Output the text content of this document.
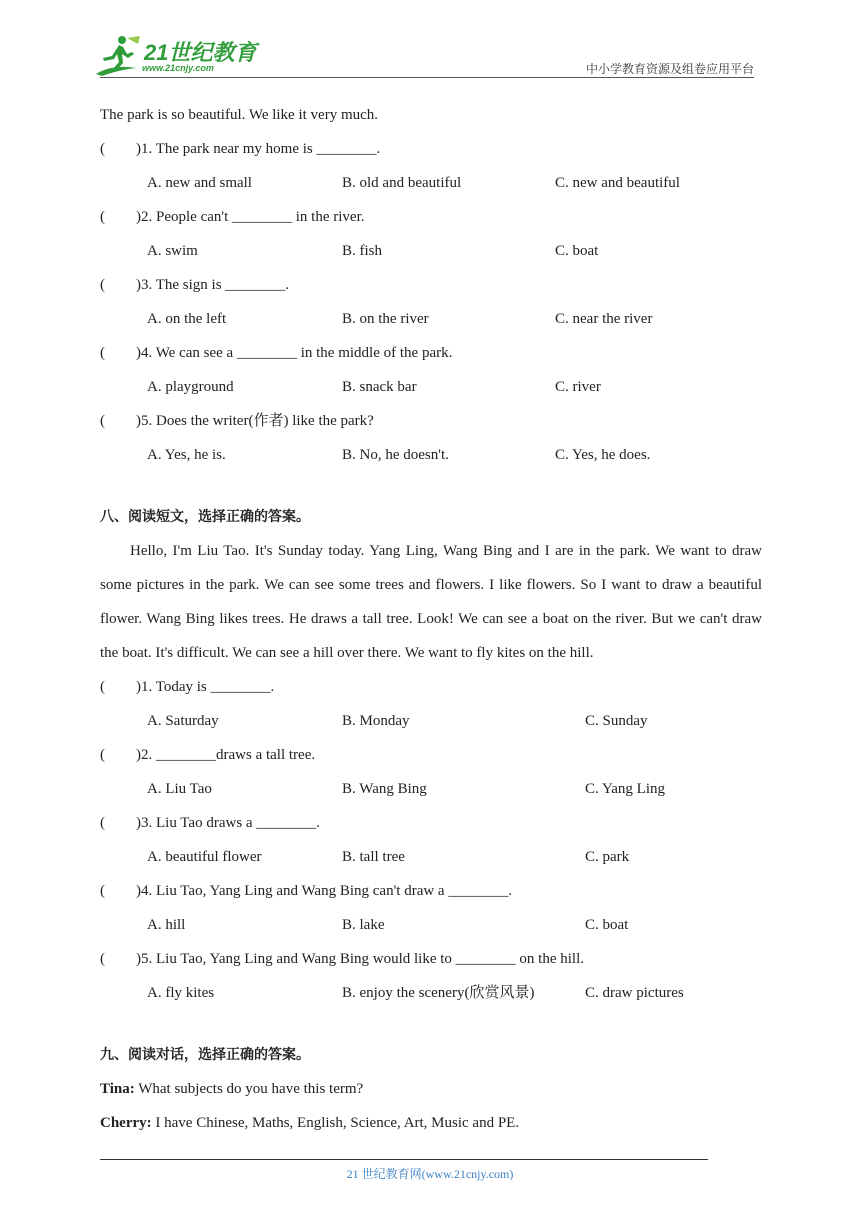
21世纪教育
www.21cnjy.com	中小学教育资源及组卷应用平台
The park is so beautiful. We like it very much.
( )1. The park near my home is ________.
A. new and small	B. old and beautiful	C. new and beautiful
( )2. People can't ________ in the river.
A. swim	B. fish	C. boat
( )3. The sign is ________.
A. on the left	B. on the river	C. near the river
( )4. We can see a ________ in the middle of the park.
A. playground	B. snack bar	C. river
( )5. Does the writer(作者) like the park?
A. Yes, he is.	B. No, he doesn't.	C. Yes, he does.
八、阅读短文，选择正确的答案。
Hello, I'm Liu Tao. It's Sunday today. Yang Ling, Wang Bing and I are in the park. We want to draw some pictures in the park. We can see some trees and flowers. I like flowers. So I want to draw a beautiful flower. Wang Bing likes trees. He draws a tall tree. Look! We can see a boat on the river. But we can't draw the boat. It's difficult. We can see a hill over there. We want to fly kites on the hill.
( )1. Today is ________.
A. Saturday	B. Monday	C. Sunday
( )2. ________draws a tall tree.
A. Liu Tao	B. Wang Bing	C. Yang Ling
( )3. Liu Tao draws a ________.
A. beautiful flower	B. tall tree	C. park
( )4. Liu Tao, Yang Ling and Wang Bing can't draw a ________.
A. hill	B. lake	C. boat
( )5. Liu Tao, Yang Ling and Wang Bing would like to ________ on the hill.
A. fly kites	B. enjoy the scenery(欣赏风景)	C. draw pictures
九、阅读对话，选择正确的答案。
Tina: What subjects do you have this term?
Cherry: I have Chinese, Maths, English, Science, Art, Music and PE.
21 世纪教育网(www.21cnjy.com)
